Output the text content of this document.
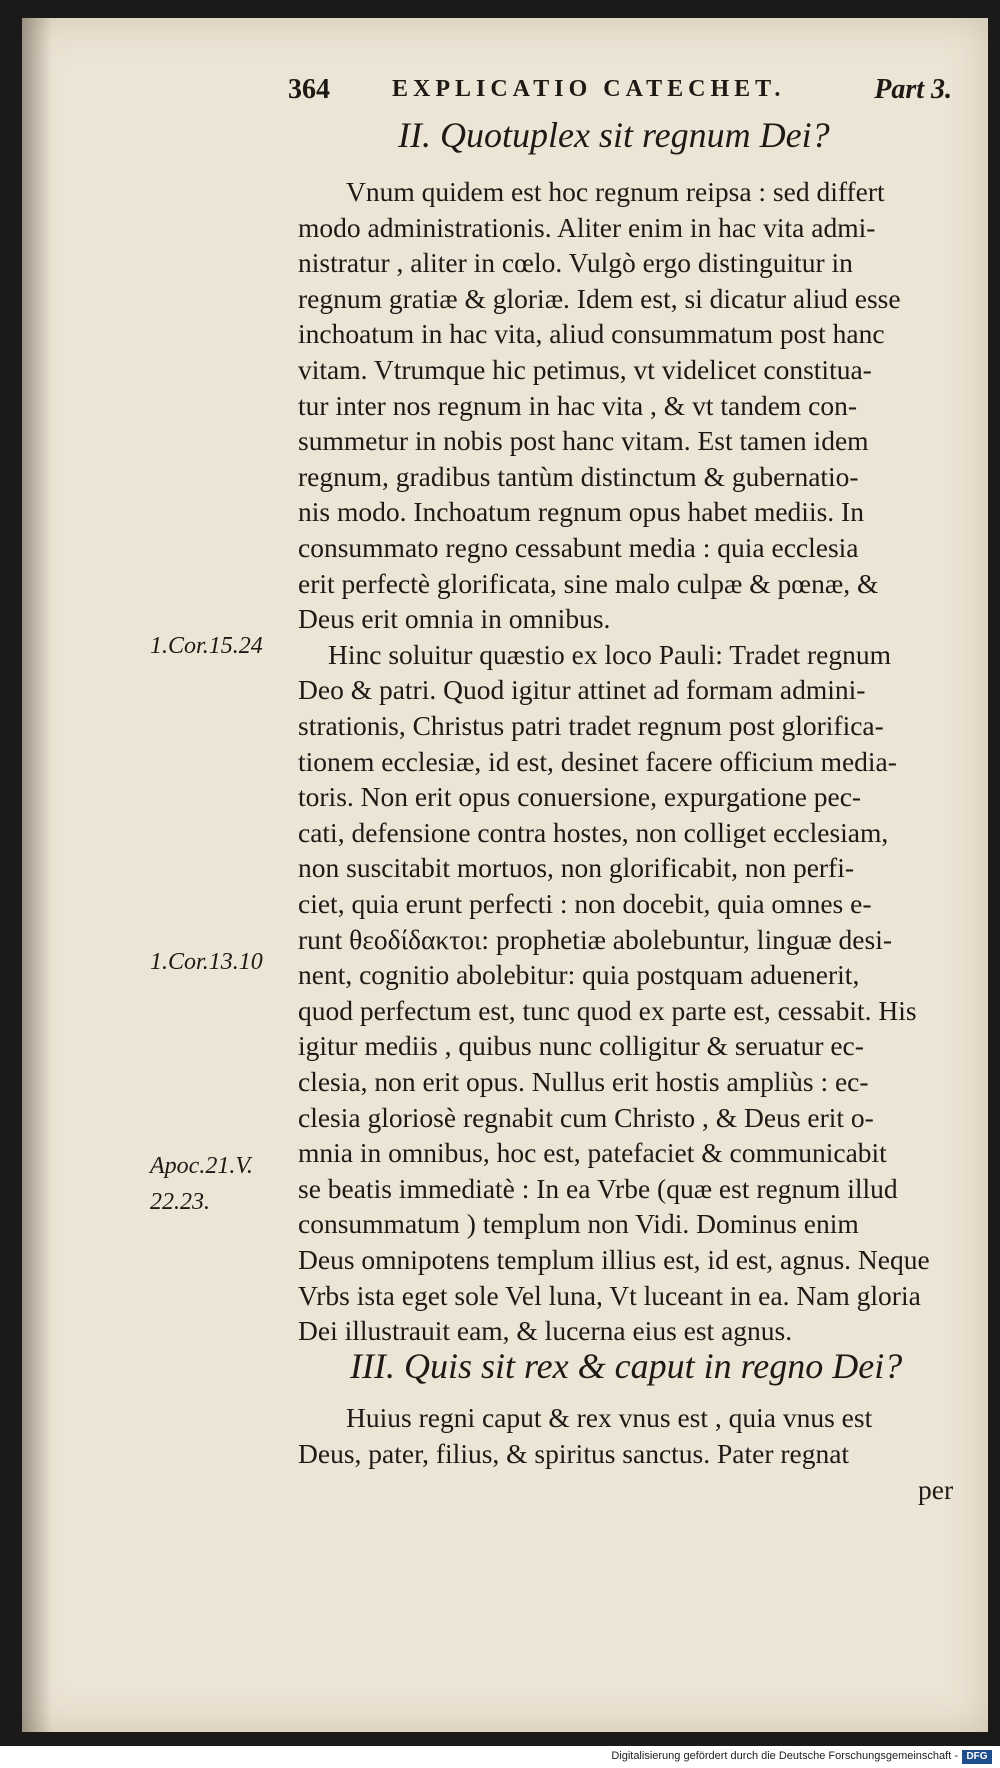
364	EXPLICATIO CATECHET.	Part 3.
II. Quotuplex sit regnum Dei?
Vnum quidem est hoc regnum reipsa : sed differt
modo administrationis. Aliter enim in hac vita admi-
nistratur , aliter in cœlo. Vulgò ergo distinguitur in
regnum gratiæ & gloriæ. Idem est, si dicatur aliud esse
inchoatum in hac vita, aliud consummatum post hanc
vitam. Vtrumque hic petimus, vt videlicet constitua-
tur inter nos regnum in hac vita , & vt tandem con-
summetur in nobis post hanc vitam. Est tamen idem
regnum, gradibus tantùm distinctum & gubernatio-
nis modo. Inchoatum regnum opus habet mediis. In
consummato regno cessabunt media : quia ecclesia
erit perfectè glorificata, sine malo culpæ & pœnæ, &
Deus erit omnia in omnibus.
Hinc soluitur quæstio ex loco Pauli: Tradet regnum
Deo & patri. Quod igitur attinet ad formam admini-
strationis, Christus patri tradet regnum post glorifica-
tionem ecclesiæ, id est, desinet facere officium media-
toris. Non erit opus conuersione, expurgatione pec-
cati, defensione contra hostes, non colliget ecclesiam,
non suscitabit mortuos, non glorificabit, non perfi-
ciet, quia erunt perfecti : non docebit, quia omnes e-
runt θεοδίδακτοι: prophetiæ abolebuntur, linguæ desi-
nent, cognitio abolebitur: quia postquam aduenerit,
quod perfectum est, tunc quod ex parte est, cessabit. His
igitur mediis , quibus nunc colligitur & seruatur ec-
clesia, non erit opus. Nullus erit hostis ampliùs : ec-
clesia gloriosè regnabit cum Christo , & Deus erit o-
mnia in omnibus, hoc est, patefaciet & communicabit
se beatis immediatè : In ea Vrbe (quæ est regnum illud
consummatum ) templum non Vidi. Dominus enim
Deus omnipotens templum illius est, id est, agnus. Neque
Vrbs ista eget sole Vel luna, Vt luceant in ea. Nam gloria
Dei illustrauit eam, & lucerna eius est agnus.
1.Cor.15.24
1.Cor.13.10
Apoc.21.V.
22.23.
III. Quis sit rex & caput in regno Dei?
Huius regni caput & rex vnus est , quia vnus est
Deus, pater, filius, & spiritus sanctus. Pater regnat
per
Digitalisierung gefördert durch die Deutsche Forschungsgemeinschaft - DFG
